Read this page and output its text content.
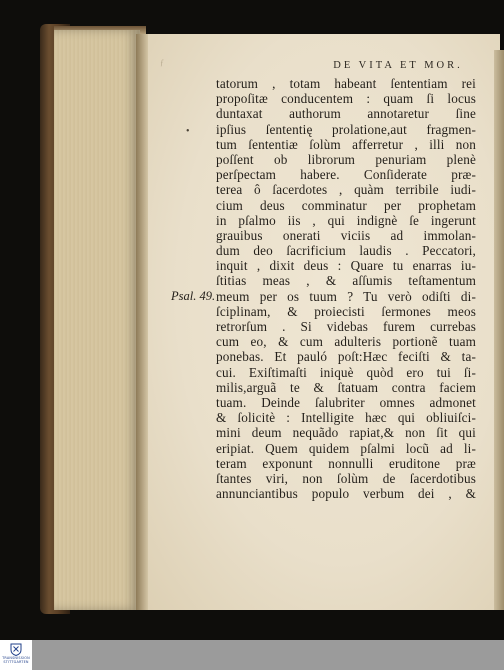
ƒ	DE VITA ET MOR.
•
Psal. 49.
tatorum , totam habeant ſententiam rei
propoſitæ conducentem : quam ſi locus
duntaxat authorum annotaretur ſine
ipſius ſententię prolatione,aut fragmen-
tum ſententiæ ſolùm afferretur , illi non
poſſent ob librorum penuriam plenè
perſpectam habere. Conſiderate præ-
terea ô ſacerdotes , quàm terribile iudi-
cium deus comminatur per prophetam
in pſalmo iis , qui indignè ſe ingerunt
grauibus onerati viciis ad immolan-
dum deo ſacrificium laudis . Peccatori,
inquit , dixit deus : Quare tu enarras iu-
ſtitias meas , & aſſumis teſtamentum
meum per os tuum ? Tu verò odiſti di-
ſciplinam, & proiecisti ſermones meos
retrorſum . Si videbas furem currebas
cum eo, & cum adulteris portionẽ tuam
ponebas. Et pauló poſt:Hæc feciſti & ta-
cui. Exiſtimaſti iniquè quòd ero tui ſi-
milis,arguã te & ſtatuam contra faciem
tuam. Deinde ſalubriter omnes admonet
& ſolicitè : Intelligite hæc qui obliuiſci-
mini deum nequãdo rapiat,& non ſit qui
eripiat. Quem quidem pſalmi locũ ad li-
teram exponunt nonnulli eruditone præ
ſtantes viri, non ſolùm de ſacerdotibus
annunciantibus populo verbum dei , &
TRANSNISSION
STITTGARTEN
